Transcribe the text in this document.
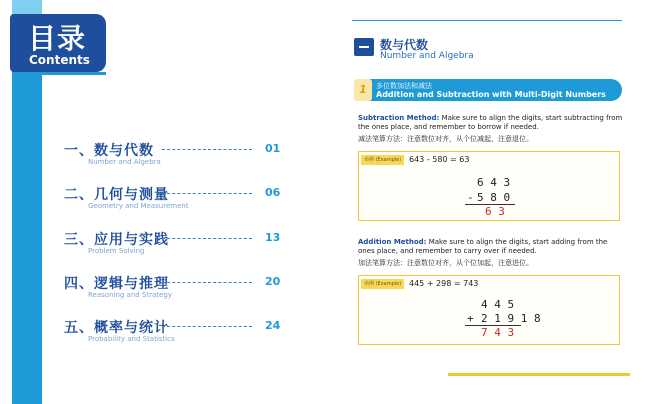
目录
Contents
一、数与代数
Number and Algebra
01
二、几何与测量
Geometry and Measurement
06
三、应用与实践
Problem Solving
13
四、逻辑与推理
Reasoning and Strategy
20
五、概率与统计
Probability and Statistics
24
数与代数
Number and Algebra
多位数加法和减法
Addition and Subtraction with Multi-Digit Numbers
1
Subtraction Method: Make sure to align the digits, start subtracting from the ones place, and remember to borrow if needed.
减法笔算方法：注意数位对齐，从个位减起，注意退位。
举例 (Example) 643 - 580 = 63
6 4 3
- 5 8 0
6 3
Addition Method: Make sure to align the digits, start adding from the ones place, and remember to carry over if needed.
加法笔算方法：注意数位对齐，从个位加起，注意进位。
举例 (Example) 445 + 298 = 743
4 4 5
+ 2 1 9 1 8
7 4 3
